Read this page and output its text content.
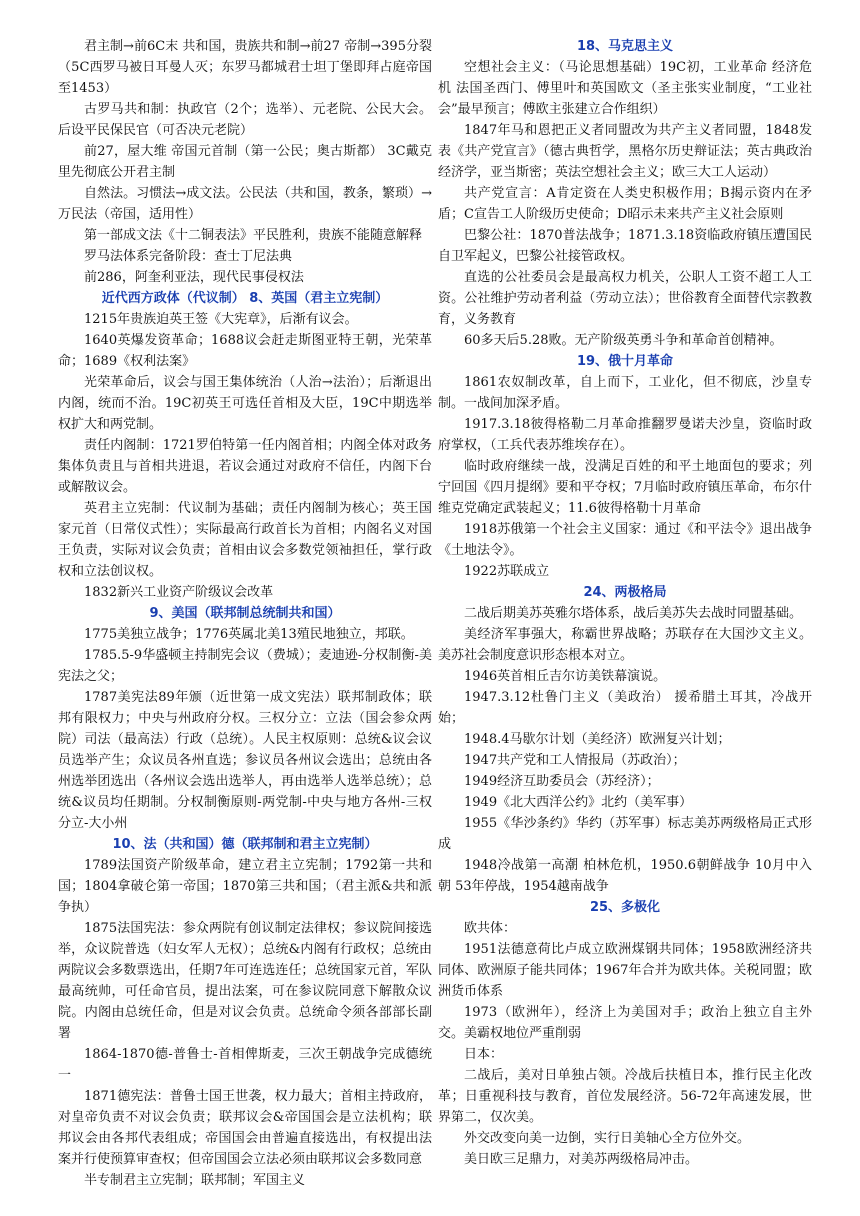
君主制→前6C末 共和国，贵族共和制→前27 帝制→395分裂（5C西罗马被日耳曼人灭；东罗马都城君士坦丁堡即拜占庭帝国至1453）

古罗马共和制：执政官（2个；选举）、元老院、公民大会。后设平民保民官（可否决元老院）

前27，屋大维 帝国元首制（第一公民；奥古斯都） 3C戴克里先彻底公开君主制

自然法。习惯法→成文法。公民法（共和国，教条，繁琐）→万民法（帝国，适用性）

第一部成文法《十二铜表法》平民胜利，贵族不能随意解释

罗马法体系完备阶段：查士丁尼法典

前286，阿奎利亚法，现代民事侵权法

近代西方政体（代议制） 8、英国（君主立宪制）

1215年贵族迫英王签《大宪章》，后渐有议会。

1640英爆发资革命；1688议会赶走斯图亚特王朝，光荣革命；1689《权利法案》

光荣革命后，议会与国王集体统治（人治→法治）；后渐退出内阁，统而不治。19C初英王可选任首相及大臣，19C中期选举权扩大和两党制。

责任内阁制：1721罗伯特第一任内阁首相；内阁全体对政务集体负责且与首相共进退，若议会通过对政府不信任，内阁下台或解散议会。

英君主立宪制：代议制为基础；责任内阁制为核心；英王国家元首（日常仪式性）；实际最高行政首长为首相；内阁名义对国王负责，实际对议会负责；首相由议会多数党领袖担任，掌行政权和立法创议权。

1832新兴工业资产阶级议会改革

9、美国（联邦制总统制共和国）

1775美独立战争；1776英属北美13殖民地独立，邦联。

1785.5-9华盛顿主持制宪会议（费城）；麦迪逊-分权制衡-美宪法之父；

1787美宪法89年颁（近世第一成文宪法）联邦制政体；联邦有限权力；中央与州政府分权。三权分立：立法（国会参众两院）司法（最高法）行政（总统）。人民主权原则：总统&议会议员选举产生；众议员各州直选；参议员各州议会选出；总统由各州选举团选出（各州议会选出选举人，再由选举人选举总统）；总统&议员均任期制。分权制衡原则-两党制-中央与地方各州-三权分立-大小州

10、法（共和国）德（联邦制和君主立宪制）

1789法国资产阶级革命，建立君主立宪制；1792第一共和国；1804拿破仑第一帝国；1870第三共和国；（君主派&共和派争执）

1875法国宪法：参众两院有创议制定法律权；参议院间接选举，众议院普选（妇女军人无权）；总统&内阁有行政权；总统由两院议会多数票选出，任期7年可连选连任；总统国家元首，军队最高统帅，可任命官员，提出法案，可在参议院同意下解散众议院。内阁由总统任命，但是对议会负责。总统命令须各部部长副署

1864-1870德-普鲁士-首相俾斯麦，三次王朝战争完成德统一

1871德宪法：普鲁士国王世袭，权力最大；首相主持政府，对皇帝负责不对议会负责；联邦议会&帝国国会是立法机构；联邦议会由各邦代表组成；帝国国会由普遍直接选出，有权提出法案并行使预算审查权；但帝国国会立法必须由联邦议会多数同意

半专制君主立宪制；联邦制；军国主义

18、马克思主义

空想社会主义：（马论思想基础）19C初，工业革命 经济危机 法国圣西门、傅里叶和英国欧文（圣主张实业制度，“工业社会”最早预言；傅欧主张建立合作组织）

1847年马和恩把正义者同盟改为共产主义者同盟，1848发表《共产党宣言》（德古典哲学，黑格尔历史辩证法；英古典政治经济学，亚当斯密；英法空想社会主义；欧三大工人运动）

共产党宣言：A肯定资在人类史积极作用；B揭示资内在矛盾；C宣告工人阶级历史使命；D昭示未来共产主义社会原则

巴黎公社：1870普法战争；1871.3.18资临政府镇压遭国民自卫军起义，巴黎公社接管政权。

直选的公社委员会是最高权力机关，公职人工资不超工人工资。公社维护劳动者利益（劳动立法）；世俗教育全面替代宗教教育，义务教育

60多天后5.28败。无产阶级英勇斗争和革命首创精神。

19、俄十月革命

1861农奴制改革，自上而下，工业化，但不彻底，沙皇专制。一战间加深矛盾。

1917.3.18彼得格勒二月革命推翻罗曼诺夫沙皇，资临时政府掌权，（工兵代表苏维埃存在）。

临时政府继续一战，没满足百姓的和平土地面包的要求；列宁回国《四月提纲》要和平夺权；7月临时政府镇压革命，布尔什维克党确定武装起义；11.6彼得格勒十月革命

1918苏俄第一个社会主义国家：通过《和平法令》退出战争《土地法令》。

1922苏联成立

24、两极格局

二战后期美苏英雅尔塔体系，战后美苏失去战时同盟基础。

美经济军事强大，称霸世界战略；苏联存在大国沙文主义。美苏社会制度意识形态根本对立。

1946英首相丘吉尔访美铁幕演说。

1947.3.12杜鲁门主义（美政治） 援希腊土耳其，冷战开始；

1948.4马歇尔计划（美经济）欧洲复兴计划；

1947共产党和工人情报局（苏政治）；

1949经济互助委员会（苏经济）；

1949《北大西洋公约》北约（美军事）

1955《华沙条约》华约（苏军事）标志美苏两级格局正式形成

1948冷战第一高潮 柏林危机，1950.6朝鲜战争 10月中入朝 53年停战，1954越南战争

25、多极化

欧共体：

1951法德意荷比卢成立欧洲煤钢共同体；1958欧洲经济共同体、欧洲原子能共同体；1967年合并为欧共体。关税同盟；欧洲货币体系

1973（欧洲年），经济上为美国对手；政治上独立自主外交。美霸权地位严重削弱

日本：

二战后，美对日单独占领。冷战后扶植日本，推行民主化改革；日重视科技与教育，首位发展经济。56-72年高速发展，世界第二，仅次美。

外交改变向美一边倒，实行日美轴心全方位外交。

美日欧三足鼎力，对美苏两级格局冲击。
